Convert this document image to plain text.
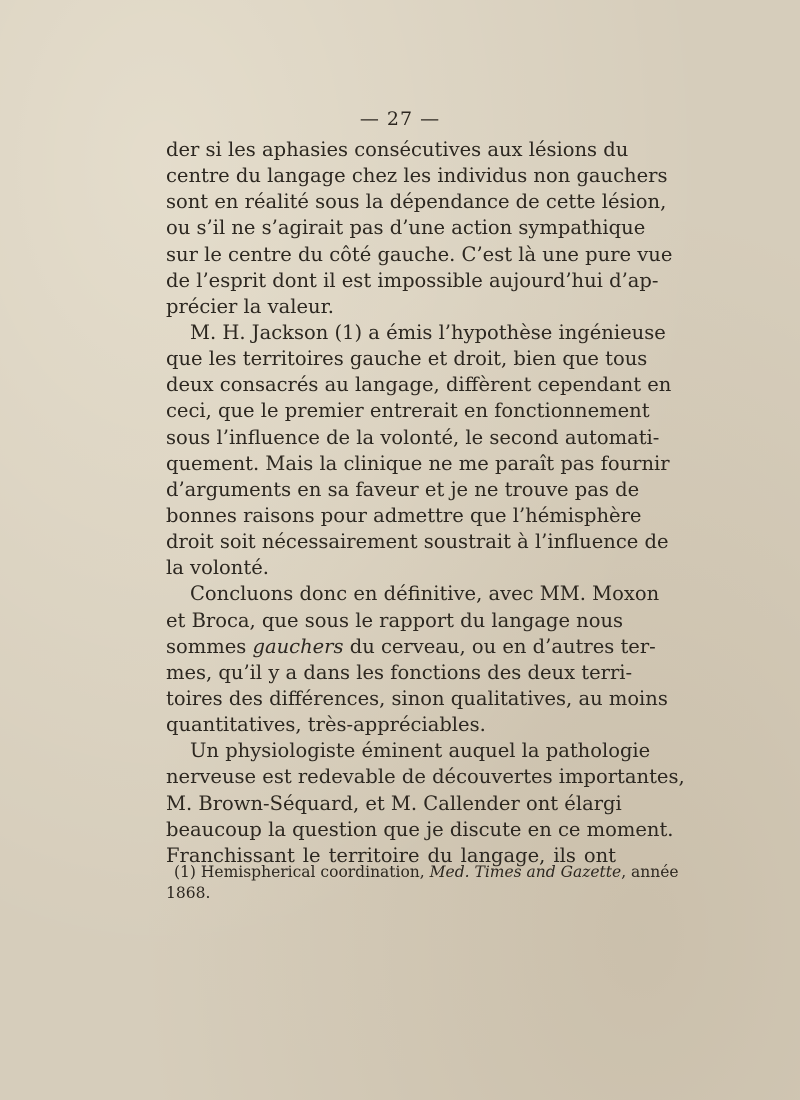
— 27 —
der si les aphasies consécutives aux lésions du
centre du langage chez les individus non gauchers
sont en réalité sous la dépendance de cette lésion,
ou s’il ne s’agirait pas d’une action sympathique
sur le centre du côté gauche. C’est là une pure vue
de l’esprit dont il est impossible aujourd’hui d’ap-
précier la valeur.
M. H. Jackson (1) a émis l’hypothèse ingénieuse
que les territoires gauche et droit, bien que tous
deux consacrés au langage, diffèrent cependant en
ceci, que le premier entrerait en fonctionnement
sous l’influence de la volonté, le second automati-
quement. Mais la clinique ne me paraît pas fournir
d’arguments en sa faveur et je ne trouve pas de
bonnes raisons pour admettre que l’hémisphère
droit soit nécessairement soustrait à l’influence de
la volonté.
Concluons donc en définitive, avec MM. Moxon
et Broca, que sous le rapport du langage nous
sommes gauchers du cerveau, ou en d’autres ter-
mes, qu’il y a dans les fonctions des deux terri-
toires des différences, sinon qualitatives, au moins
quantitatives, très-appréciables.
Un physiologiste éminent auquel la pathologie
nerveuse est redevable de découvertes importantes,
M. Brown-Séquard, et M. Callender ont élargi
beaucoup la question que je discute en ce moment.
Franchissant le territoire du langage, ils ont
(1) Hemispherical coordination, Med. Times and Gazette, année
1868.
